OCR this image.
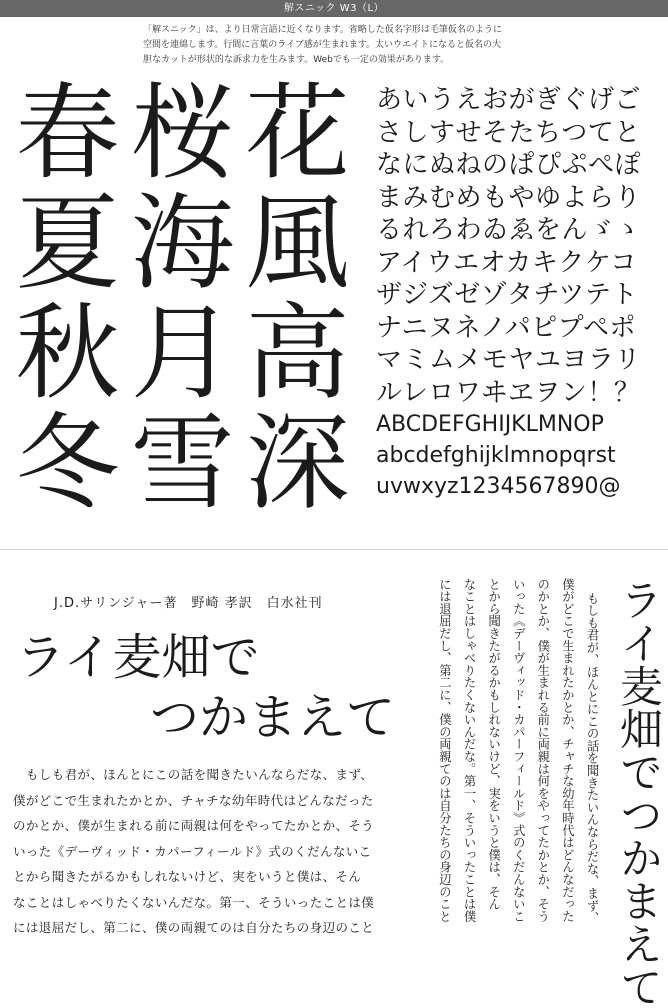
解スニック W3（L）
「解スニック」は、より日常言語に近くなります。省略した仮名字形は毛筆仮名のように
空間を連綿します。行間に言葉のライブ感が生まれます。太いウエイトになると仮名の大
胆なカットが形状的な訴求力を生みます。Webでも一定の効果があります。
春 桜 花
夏 海 風
秋 月 高
冬 雪 深
あいうえおがぎぐげご
さしすせそたちつてと
なにぬねのぱぴぷぺぽ
まみむめもやゆよらり
るれろわゐゑをんゞゝ
アイウエオカキクケコ
ザジズゼゾタチツテト
ナニヌネノパピプペポ
マミムメモヤユヨラリ
ルレロワヰヱヲン！？
ABCDEFGHIJKLMNOP
abcdefghijklmnopqrst
uvwxyz1234567890@
J.D.サリンジャー著　野崎 孝訳　白水社刊
ライ麦畑で
つかまえて
　もしも君が、ほんとにこの話を聞きたいんならだな、まず、
僕がどこで生まれたかとか、チャチな幼年時代はどんなだった
のかとか、僕が生まれる前に両親は何をやってたかとか、そう
いった《デーヴィッド・カパーフィールド》式のくだんないこ
とから聞きたがるかもしれないけど、実をいうと僕は、そん
なことはしゃべりたくないんだな。第一、そういったことは僕
には退屈だし、第二に、僕の両親てのは自分たちの身辺のこと	ライ麦畑でつかまえて
もしも君が、ほんとにこの話を聞きたいんならだな、まず、
僕がどこで生まれたかとか、チャチな幼年時代はどんなだった
のかとか、僕が生まれる前に両親は何をやってたかとか、そう
いった《デーヴィッド・カパーフィールド》式のくだんないこ
とから聞きたがるかもしれないけど、実をいうと僕は、そん
なことはしゃべりたくないんだな。第一、そういったことは僕
には退屈だし、第二に、僕の両親てのは自分たちの身辺のこと
